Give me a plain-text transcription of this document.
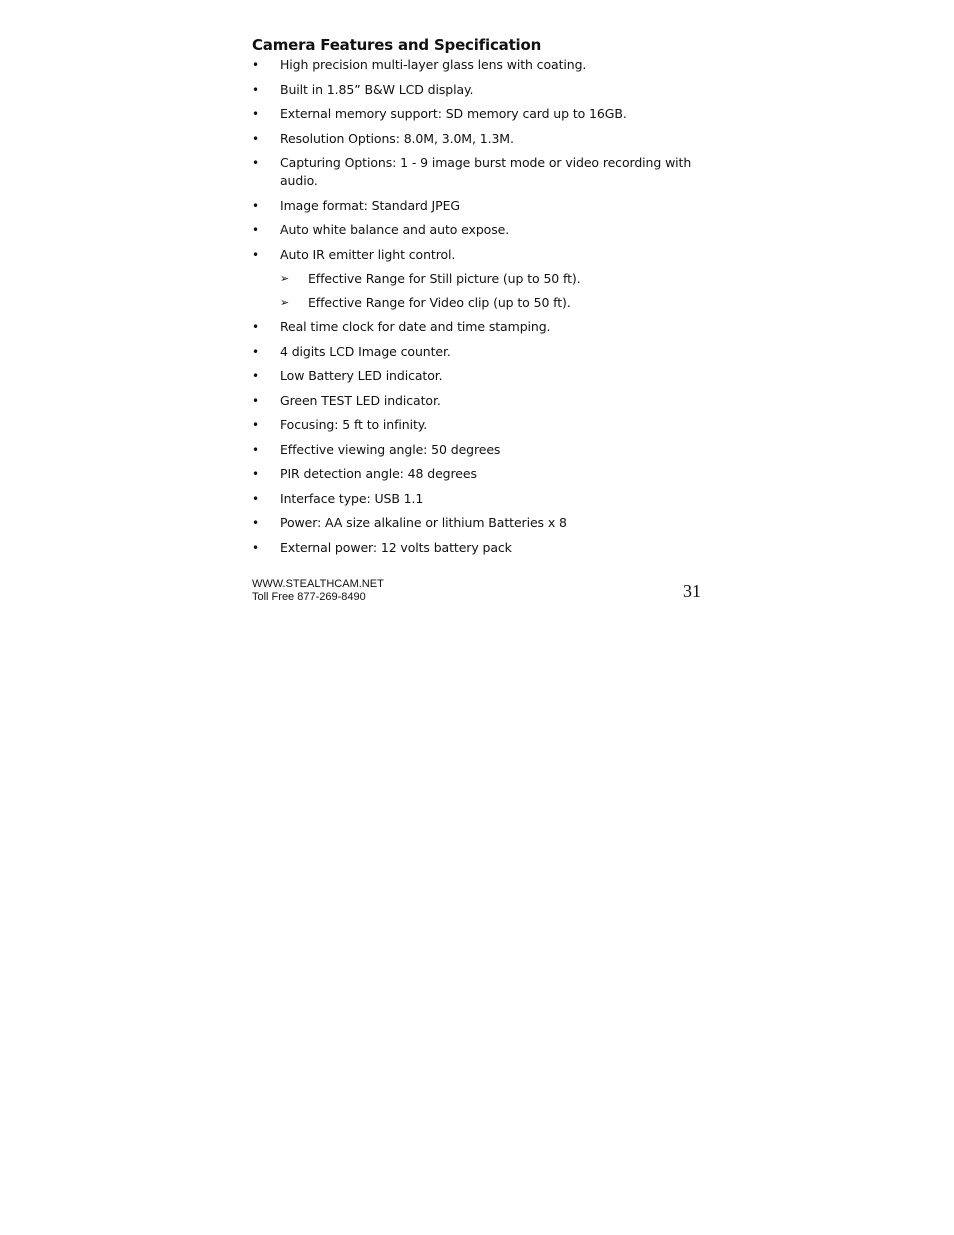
Camera Features and Specification
•	High precision multi-layer glass lens with coating.
•	Built in 1.85” B&W LCD display.
•	External memory support: SD memory card up to 16GB.
•	Resolution Options: 8.0M, 3.0M, 1.3M.
•	Capturing Options: 1 - 9 image burst mode or video recording with audio.
•	Image format: Standard JPEG
•	Auto white balance and auto expose.
•	Auto IR emitter light control.
➢	Effective Range for Still picture (up to 50 ft).
➢	Effective Range for Video clip (up to 50 ft).
•	Real time clock for date and time stamping.
•	4 digits LCD Image counter.
•	Low Battery LED indicator.
•	Green TEST LED indicator.
•	Focusing: 5 ft to infinity.
•	Effective viewing angle: 50 degrees
•	PIR detection angle: 48 degrees
•	Interface type: USB 1.1
•	Power: AA size alkaline or lithium Batteries x 8
•	External power: 12 volts battery pack
WWW.STEALTHCAM.NET
Toll Free 877-269-8490	31
